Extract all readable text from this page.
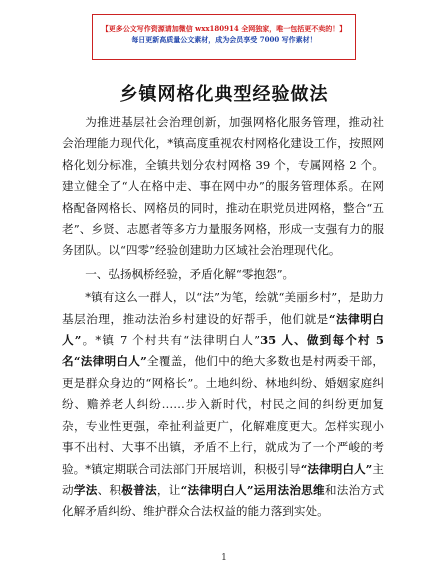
【更多公文写作资源请加微信 wxx180914 全网独家，唯一包括更不卖的！】
每日更新高质量公文素材，成为会员享受 7000 写作素材！
乡镇网格化典型经验做法

为推进基层社会治理创新，加强网格化服务管理，推动社会治理能力现代化，*镇高度重视农村网格化建设工作，按照网格化划分标准，全镇共划分农村网格 39 个，专属网格 2 个。建立健全了“人在格中走、事在网中办”的服务管理体系。在网格配备网格长、网格员的同时，推动在职党员进网格，整合“五老”、乡贤、志愿者等多方力量服务网格，形成一支强有力的服务团队。以“四零”经验创建助力区域社会治理现代化。

一、弘扬枫桥经验，矛盾化解“零抱怨”。

*镇有这么一群人，以“法”为笔，绘就“美丽乡村”，是助力基层治理，推动法治乡村建设的好帮手，他们就是“法律明白人”。*镇 7 个村共有“法律明白人”35 人、做到每个村 5 名“法律明白人”全覆盖，他们中的绝大多数也是村两委干部，更是群众身边的“网格长”。土地纠纷、林地纠纷、婚姻家庭纠纷、赡养老人纠纷……步入新时代，村民之间的纠纷更加复杂，专业性更强，牵扯利益更广，化解难度更大。怎样实现小事不出村、大事不出镇，矛盾不上行，就成为了一个严峻的考验。*镇定期联合司法部门开展培训，积极引导“法律明白人”主动学法、积极普法，让“法律明白人”运用法治思维和法治方式化解矛盾纠纷、维护群众合法权益的能力落到实处。

1
